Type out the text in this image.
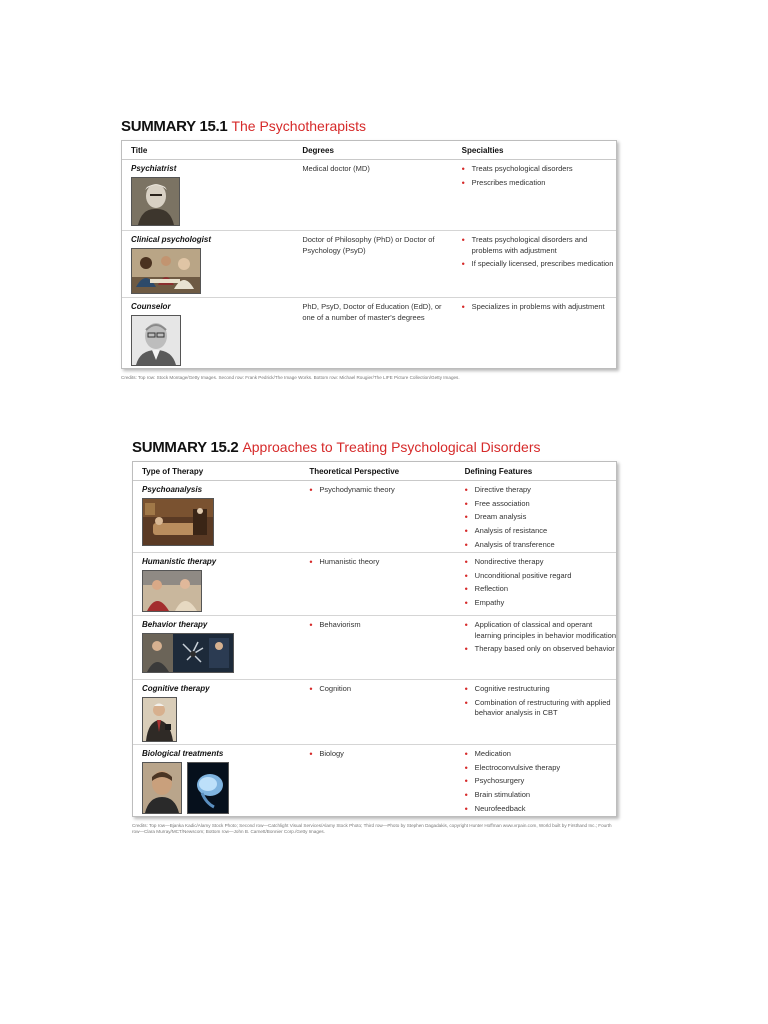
SUMMARY 15.1 The Psychotherapists
Title	Degrees	Specialties
Psychiatrist	Medical doctor (MD)	• Treats psychological disorders
• Prescribes medication
Clinical psychologist	Doctor of Philosophy (PhD) or Doctor of Psychology (PsyD)
• Treats psychological disorders and problems with adjustment
• If specially licensed, prescribes medication
Counselor	PhD, PsyD, Doctor of Education (EdD), or one of a number of master's degrees
• Specializes in problems with adjustment
Credits: Top row: Stock Montage/Getty Images. Second row: Frank Pedrick/The Image Works. Bottom row: Michael Rougier/The LIFE Picture Collection/Getty Images.
SUMMARY 15.2 Approaches to Treating Psychological Disorders
Type of Therapy	Theoretical Perspective	Defining Features
Psychoanalysis	• Psychodynamic theory	• Directive therapy
• Free association
• Dream analysis
• Analysis of resistance
• Analysis of transference
Humanistic therapy	• Humanistic theory	• Nondirective therapy
• Unconditional positive regard
• Reflection
• Empathy
Behavior therapy	• Behaviorism	• Application of classical and operant learning principles in behavior modification
• Therapy based only on observed behavior
Cognitive therapy	• Cognition	• Cognitive restructuring
• Combination of restructuring with applied behavior analysis in CBT
Biological treatments	• Biology	• Medication
• Electroconvulsive therapy
• Psychosurgery
• Brain stimulation
• Neurofeedback
Credits: Top row—Bjanka Kadic/Alamy Stock Photo; Second row—Catchlight Visual Services/Alamy Stock Photo; Third row—Photo by Stephen Dagadakis, copyright Hunter Hoffman www.vrpain.com, World built by Firsthand Inc.; Fourth row—Clara Murray/MCT/Newscom; Bottom row—John B. Carnett/Bonnier Corp./Getty Images.
